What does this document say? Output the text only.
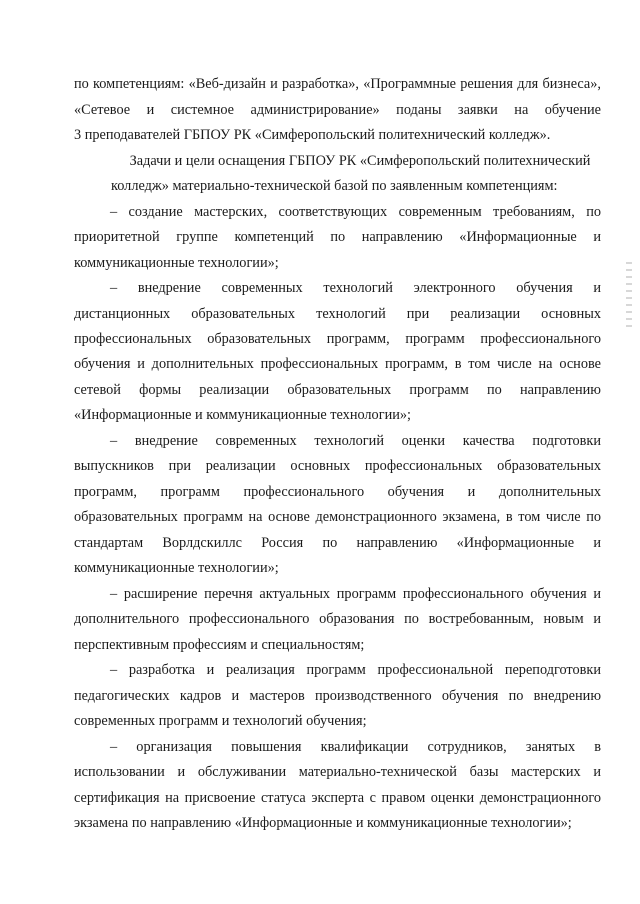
по компетенциям: «Веб-дизайн и разработка», «Программные решения для бизнеса»,
«Сетевое и системное администрирование» поданы заявки на обучение
3 преподавателей ГБПОУ РК «Симферопольский политехнический колледж».
Задачи и цели оснащения ГБПОУ РК «Симферопольский политехнический
колледж» материально-технической базой по заявленным компетенциям:
– создание мастерских, соответствующих современным требованиям, по
приоритетной группе компетенций по направлению «Информационные и
коммуникационные технологии»;
– внедрение современных технологий электронного обучения и
дистанционных образовательных технологий при реализации основных
профессиональных образовательных программ, программ профессионального
обучения и дополнительных профессиональных программ, в том числе на основе
сетевой формы реализации образовательных программ по направлению
«Информационные и коммуникационные технологии»;
– внедрение современных технологий оценки качества подготовки
выпускников при реализации основных профессиональных образовательных
программ, программ профессионального обучения и дополнительных
образовательных программ на основе демонстрационного экзамена, в том числе по
стандартам Ворлдскиллс Россия по направлению «Информационные и
коммуникационные технологии»;
– расширение перечня актуальных программ профессионального обучения и
дополнительного профессионального образования по востребованным, новым и
перспективным профессиям и специальностям;
– разработка и реализация программ профессиональной переподготовки
педагогических кадров и мастеров производственного обучения по внедрению
современных программ и технологий обучения;
– организация повышения квалификации сотрудников, занятых в
использовании и обслуживании материально-технической базы мастерских и
сертификация на присвоение статуса эксперта с правом оценки демонстрационного
экзамена по направлению «Информационные и коммуникационные технологии»;
